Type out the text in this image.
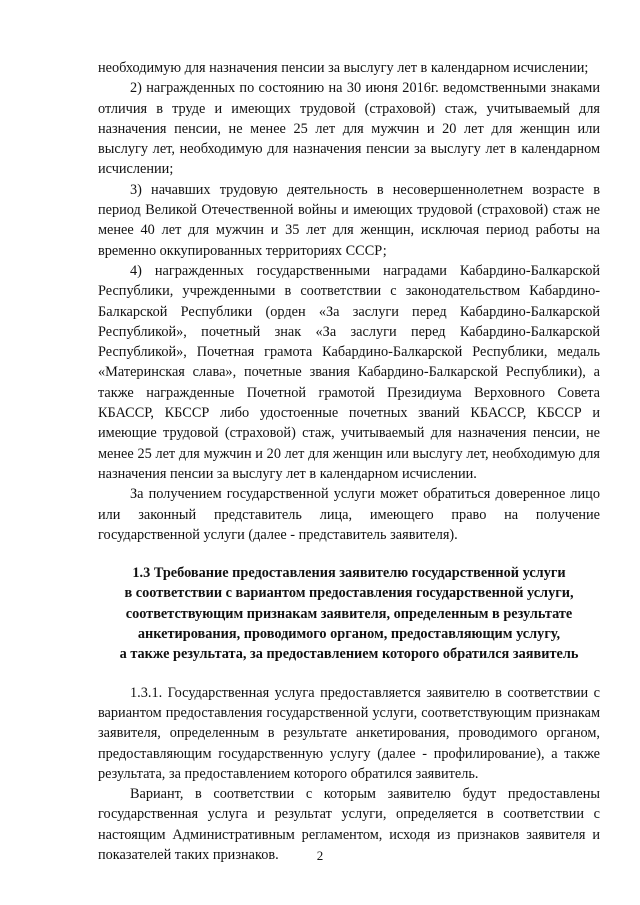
необходимую для назначения пенсии за выслугу лет в календарном исчислении;

2) награжденных по состоянию на 30 июня 2016г. ведомственными знаками отличия в труде и имеющих трудовой (страховой) стаж, учитываемый для назначения пенсии, не менее 25 лет для мужчин и 20 лет для женщин или выслугу лет, необходимую для назначения пенсии за выслугу лет в календарном исчислении;

3) начавших трудовую деятельность в несовершеннолетнем возрасте в период Великой Отечественной войны и имеющих трудовой (страховой) стаж не менее 40 лет для мужчин и 35 лет для женщин, исключая период работы на временно оккупированных территориях СССР;

4) награжденных государственными наградами Кабардино-Балкарской Республики, учрежденными в соответствии с законодательством Кабардино-Балкарской Республики (орден «За заслуги перед Кабардино-Балкарской Республикой», почетный знак «За заслуги перед Кабардино-Балкарской Республикой», Почетная грамота Кабардино-Балкарской Республики, медаль «Материнская слава», почетные звания Кабардино-Балкарской Республики), а также награжденные Почетной грамотой Президиума Верховного Совета КБАССР, КБССР либо удостоенные почетных званий КБАССР, КБССР и имеющие трудовой (страховой) стаж, учитываемый для назначения пенсии, не менее 25 лет для мужчин и 20 лет для женщин или выслугу лет, необходимую для назначения пенсии за выслугу лет в календарном исчислении.

За получением государственной услуги может обратиться доверенное лицо или законный представитель лица, имеющего право на получение государственной услуги (далее - представитель заявителя).

1.3 Требование предоставления заявителю государственной услуги
в соответствии с вариантом предоставления государственной услуги,
соответствующим признакам заявителя, определенным в результате
анкетирования, проводимого органом, предоставляющим услугу,
а также результата, за предоставлением которого обратился заявитель

1.3.1. Государственная услуга предоставляется заявителю в соответствии с вариантом предоставления государственной услуги, соответствующим признакам заявителя, определенным в результате анкетирования, проводимого органом, предоставляющим государственную услугу (далее - профилирование), а также результата, за предоставлением которого обратился заявитель.

Вариант, в соответствии с которым заявителю будут предоставлены государственная услуга и результат услуги, определяется в соответствии с настоящим Административным регламентом, исходя из признаков заявителя и показателей таких признаков.	2
